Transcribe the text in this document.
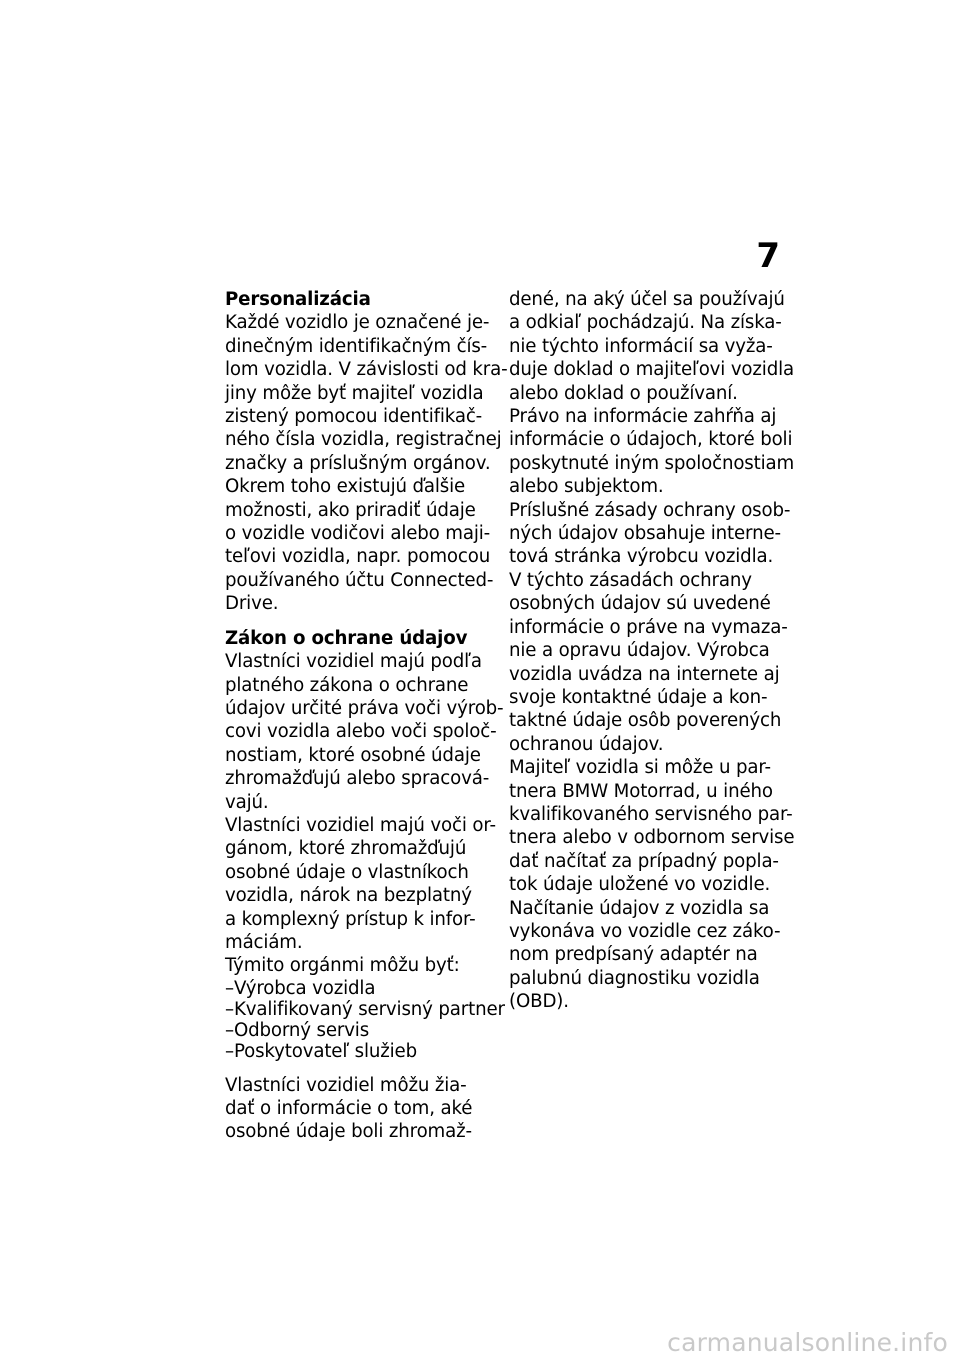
7
Personalizácia
Každé vozidlo je označené je-
dinečným identifikačným čís-
lom vozidla. V závislosti od kra-
jiny môže byť majiteľ vozidla
zistený pomocou identifikač-
ného čísla vozidla, registračnej
značky a príslušným orgánov.
Okrem toho existujú ďalšie
možnosti, ako priradiť údaje
o vozidle vodičovi alebo maji-
teľovi vozidla, napr. pomocou
používaného účtu Connected-
Drive.
Zákon o ochrane údajov
Vlastníci vozidiel majú podľa
platného zákona o ochrane
údajov určité práva voči výrob-
covi vozidla alebo voči spoloč-
nostiam, ktoré osobné údaje
zhromažďujú alebo spracová-
vajú.
Vlastníci vozidiel majú voči or-
gánom, ktoré zhromažďujú
osobné údaje o vlastníkoch
vozidla, nárok na bezplatný
a komplexný prístup k infor-
máciám.
Týmito orgánmi môžu byť:
–Výrobca vozidla
–Kvalifikovaný servisný partner
–Odborný servis
–Poskytovateľ služieb
Vlastníci vozidiel môžu žia-
dať o informácie o tom, aké
osobné údaje boli zhromaž-
dené, na aký účel sa používajú
a odkiaľ pochádzajú. Na získa-
nie týchto informácií sa vyža-
duje doklad o majiteľovi vozidla
alebo doklad o používaní.
Právo na informácie zahŕňa aj
informácie o údajoch, ktoré boli
poskytnuté iným spoločnostiam
alebo subjektom.
Príslušné zásady ochrany osob-
ných údajov obsahuje interne-
tová stránka výrobcu vozidla.
V týchto zásadách ochrany
osobných údajov sú uvedené
informácie o práve na vymaza-
nie a opravu údajov. Výrobca
vozidla uvádza na internete aj
svoje kontaktné údaje a kon-
taktné údaje osôb poverených
ochranou údajov.
Majiteľ vozidla si môže u par-
tnera BMW Motorrad, u iného
kvalifikovaného servisného par-
tnera alebo v odbornom servise
dať načítať za prípadný popla-
tok údaje uložené vo vozidle.
Načítanie údajov z vozidla sa
vykonáva vo vozidle cez záko-
nom predpísaný adaptér na
palubnú diagnostiku vozidla
(OBD).
carmanualsonline.info
